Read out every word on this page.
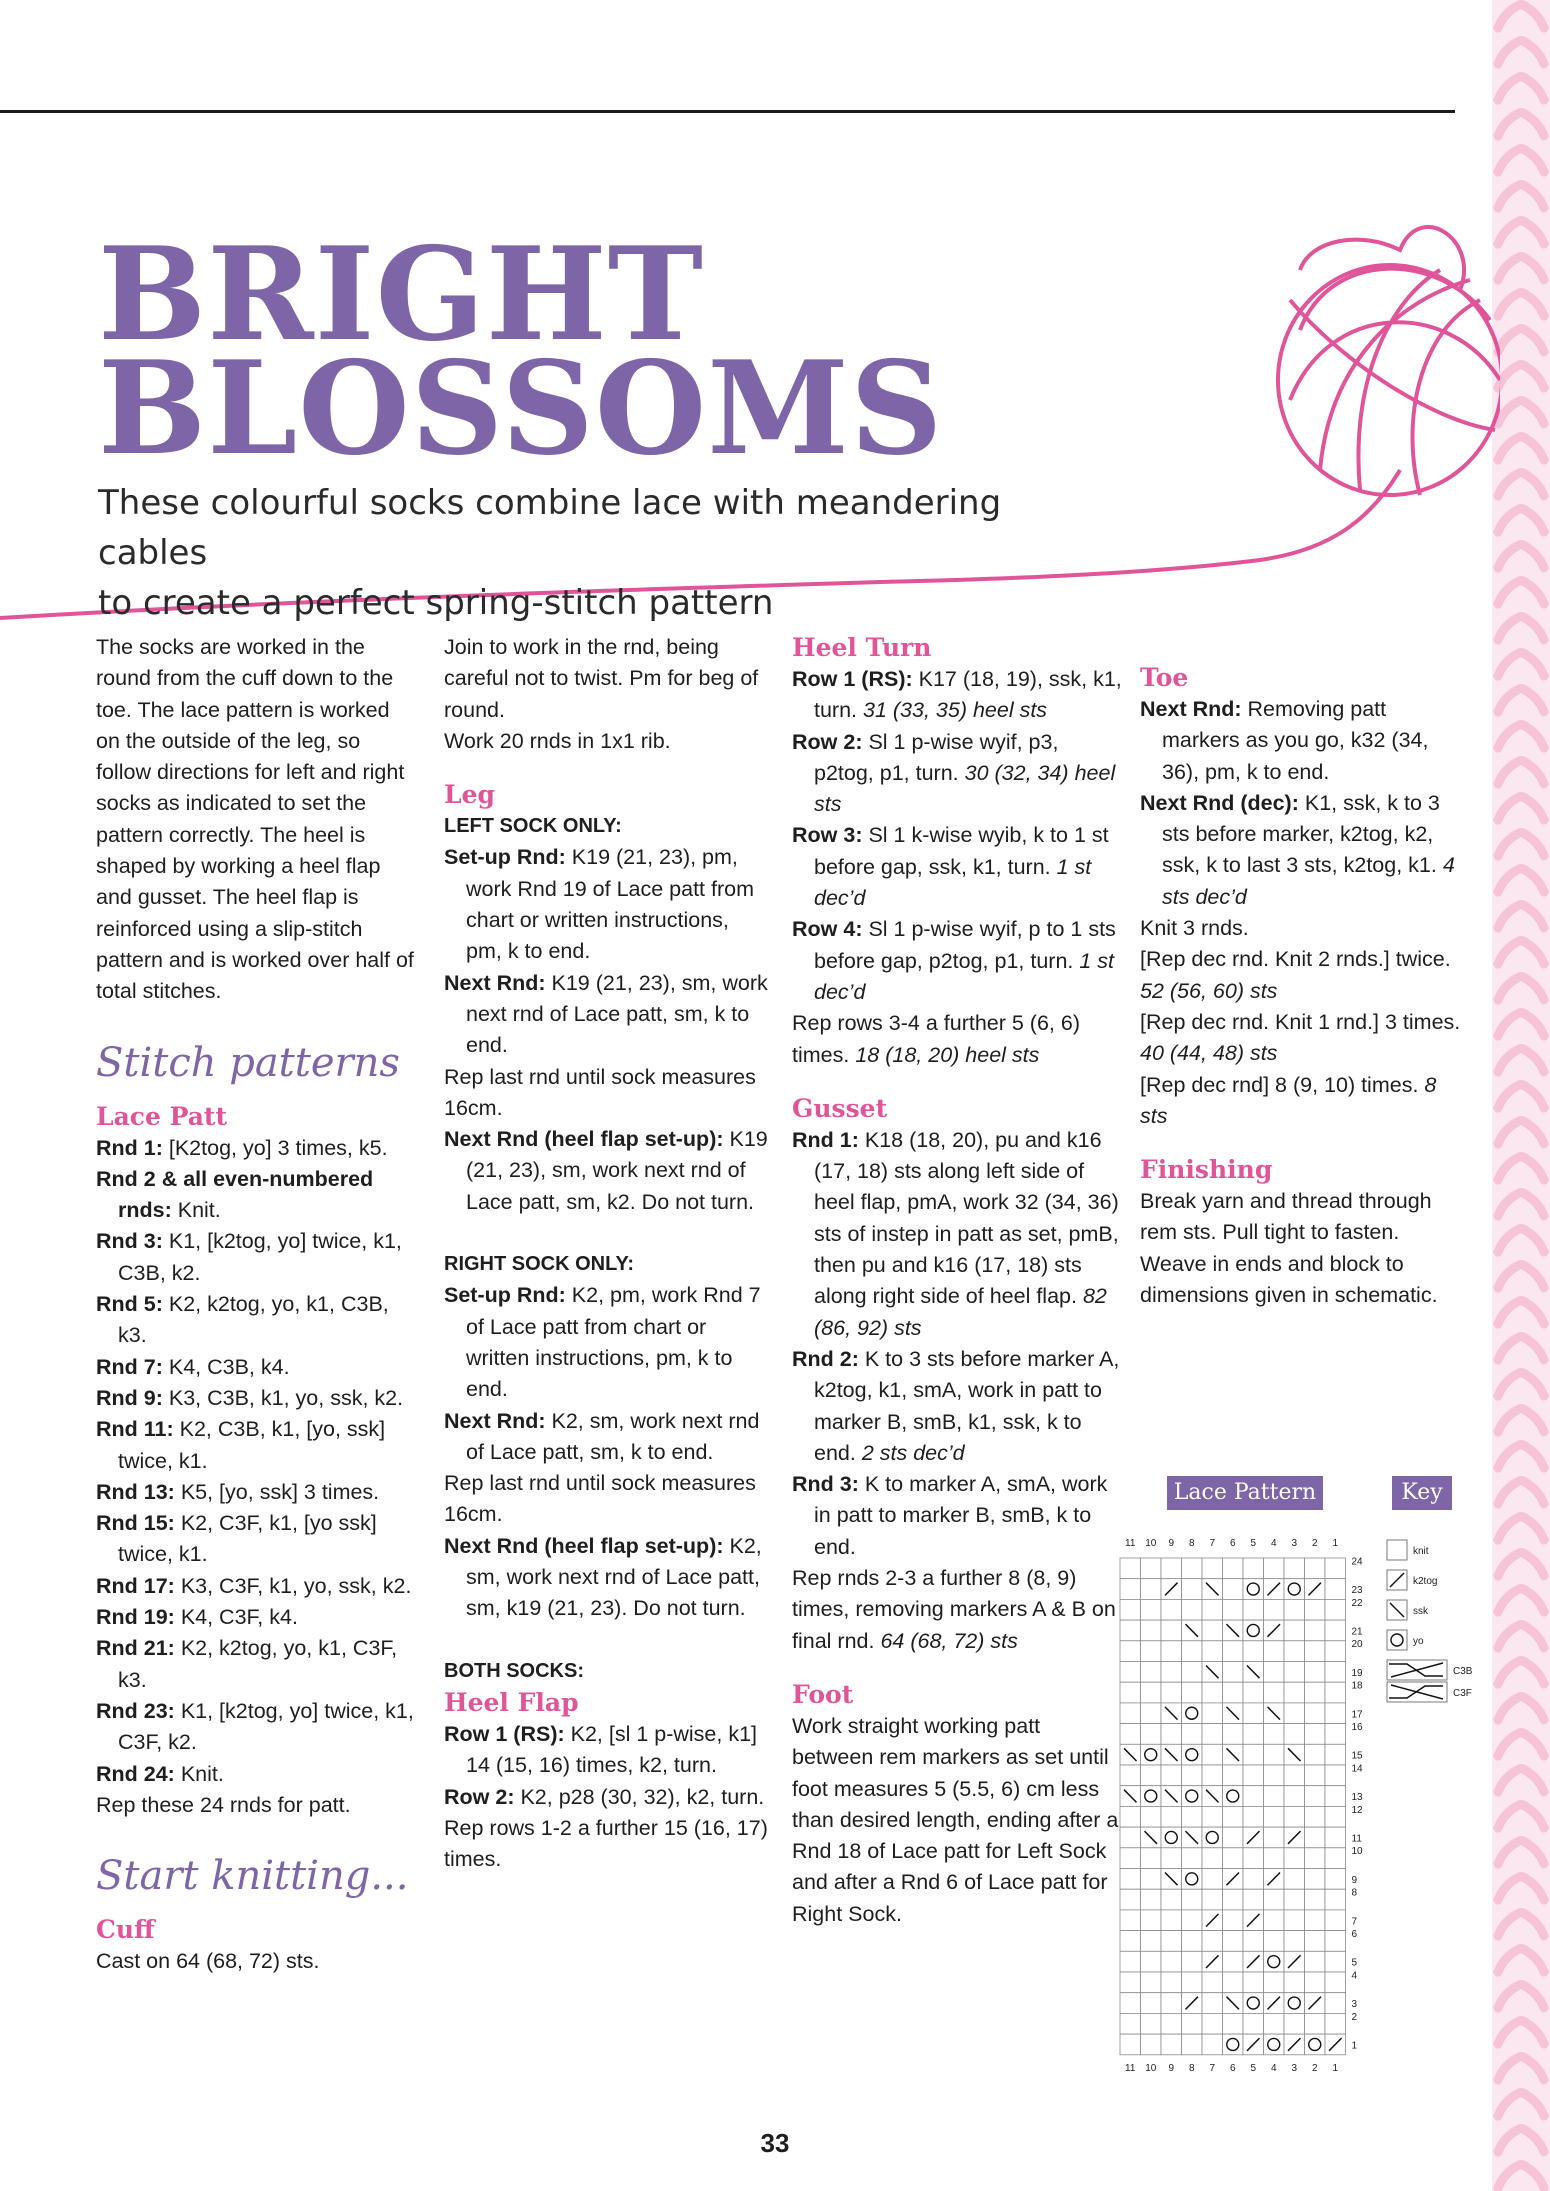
BRIGHT
BLOSSOMS

These colourful socks combine lace with meandering cables
to create a perfect spring-stitch pattern

The socks are worked in the round from the cuff down to the toe. The lace pattern is worked on the outside of the leg, so follow directions for left and right socks as indicated to set the pattern correctly. The heel is shaped by working a heel flap and gusset. The heel flap is reinforced using a slip-stitch pattern and is worked over half of total stitches.

Stitch patterns

Lace Patt

Rnd 1: [K2tog, yo] 3 times, k5.

Rnd 2 & all even-numbered rnds: Knit.

Rnd 3: K1, [k2tog, yo] twice, k1, C3B, k2.

Rnd 5: K2, k2tog, yo, k1, C3B, k3.

Rnd 7: K4, C3B, k4.

Rnd 9: K3, C3B, k1, yo, ssk, k2.

Rnd 11: K2, C3B, k1, [yo, ssk] twice, k1.

Rnd 13: K5, [yo, ssk] 3 times.

Rnd 15: K2, C3F, k1, [yo ssk] twice, k1.

Rnd 17: K3, C3F, k1, yo, ssk, k2.

Rnd 19: K4, C3F, k4.

Rnd 21: K2, k2tog, yo, k1, C3F, k3.

Rnd 23: K1, [k2tog, yo] twice, k1, C3F, k2.

Rnd 24: Knit.

Rep these 24 rnds for patt.

Start knitting...

Cuff

Cast on 64 (68, 72) sts.

Join to work in the rnd, being careful not to twist. Pm for beg of round.

Work 20 rnds in 1x1 rib.

Leg

LEFT SOCK ONLY:

Set-up Rnd: K19 (21, 23), pm, work Rnd 19 of Lace patt from chart or written instructions, pm, k to end.

Next Rnd: K19 (21, 23), sm, work next rnd of Lace patt, sm, k to end.

Rep last rnd until sock measures 16cm.

Next Rnd (heel flap set-up): K19 (21, 23), sm, work next rnd of Lace patt, sm, k2. Do not turn.

RIGHT SOCK ONLY:

Set-up Rnd: K2, pm, work Rnd 7 of Lace patt from chart or written instructions, pm, k to end.

Next Rnd: K2, sm, work next rnd of Lace patt, sm, k to end.

Rep last rnd until sock measures 16cm.

Next Rnd (heel flap set-up): K2, sm, work next rnd of Lace patt, sm, k19 (21, 23). Do not turn.

BOTH SOCKS:

Heel Flap

Row 1 (RS): K2, [sl 1 p-wise, k1] 14 (15, 16) times, k2, turn.

Row 2: K2, p28 (30, 32), k2, turn.

Rep rows 1-2 a further 15 (16, 17) times.

Heel Turn

Row 1 (RS): K17 (18, 19), ssk, k1, turn. 31 (33, 35) heel sts

Row 2: Sl 1 p-wise wyif, p3, p2tog, p1, turn. 30 (32, 34) heel sts

Row 3: Sl 1 k-wise wyib, k to 1 st before gap, ssk, k1, turn. 1 st dec’d

Row 4: Sl 1 p-wise wyif, p to 1 sts before gap, p2tog, p1, turn. 1 st dec’d

Rep rows 3-4 a further 5 (6, 6) times. 18 (18, 20) heel sts

Gusset

Rnd 1: K18 (18, 20), pu and k16 (17, 18) sts along left side of heel flap, pmA, work 32 (34, 36) sts of instep in patt as set, pmB, then pu and k16 (17, 18) sts along right side of heel flap. 82 (86, 92) sts

Rnd 2: K to 3 sts before marker A, k2tog, k1, smA, work in patt to marker B, smB, k1, ssk, k to end. 2 sts dec’d

Rnd 3: K to marker A, smA, work in patt to marker B, smB, k to end.

Rep rnds 2-3 a further 8 (8, 9) times, removing markers A & B on final rnd. 64 (68, 72) sts

Foot

Work straight working patt between rem markers as set until foot measures 5 (5.5, 6) cm less than desired length, ending after a Rnd 18 of Lace patt for Left Sock and after a Rnd 6 of Lace patt for Right Sock.

Toe

Next Rnd: Removing patt markers as you go, k32 (34, 36), pm, k to end.

Next Rnd (dec): K1, ssk, k to 3 sts before marker, k2tog, k2, ssk, k to last 3 sts, k2tog, k1. 4 sts dec’d

Knit 3 rnds.

[Rep dec rnd. Knit 2 rnds.] twice. 52 (56, 60) sts

[Rep dec rnd. Knit 1 rnd.] 3 times. 40 (44, 48) sts

[Rep dec rnd] 8 (9, 10) times. 8 sts

Finishing

Break yarn and thread through rem sts. Pull tight to fasten. Weave in ends and block to dimensions given in schematic.

Lace Pattern	Key
11
11
10
10
9
9
8
8
7
7
6
6
5
5
4
4
3
3
2
2
1
1
24
23
22
21
20
19
18
17
16
15
14
13
12
11
10
9
8
7
6
5
4
3
2
1
knit
k2tog
ssk
yo
C3B
C3F
33
